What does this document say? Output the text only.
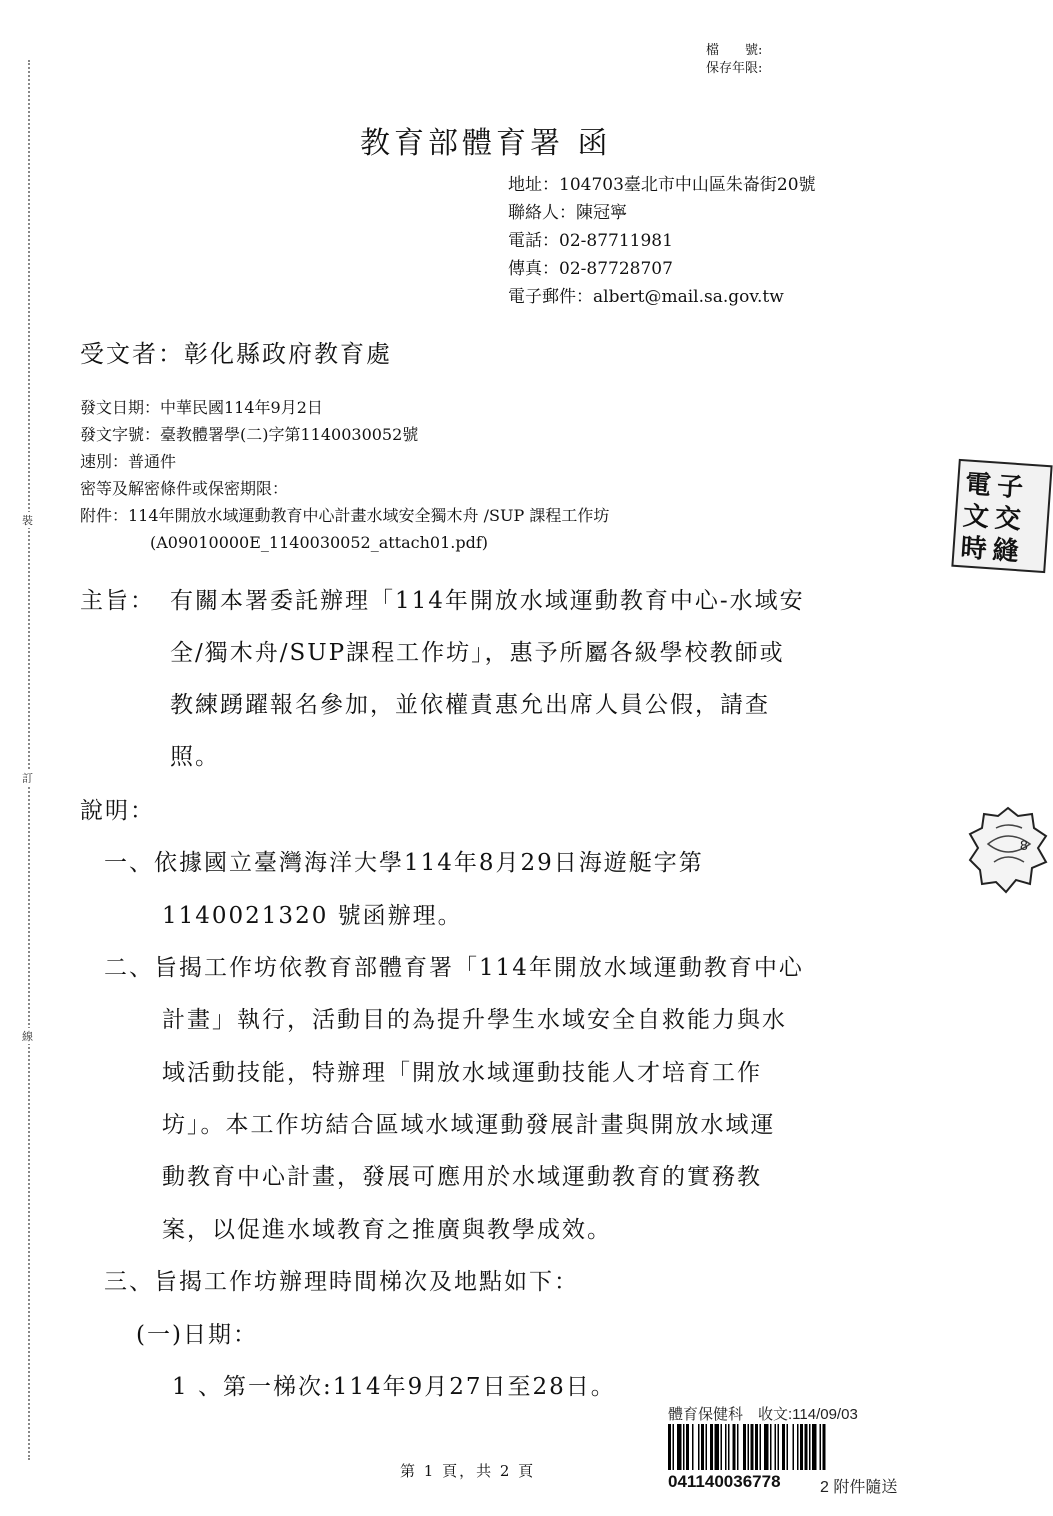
裝
訂
線
檔　　號:
保存年限:
教育部體育署 函
地址：104703臺北市中山區朱崙街20號
聯絡人：陳冠寧
電話：02-87711981
傳真：02-87728707
電子郵件：albert@mail.sa.gov.tw
受文者：彰化縣政府教育處
發文日期：中華民國114年9月2日
發文字號：臺教體署學(二)字第1140030052號
速別：普通件
密等及解密條件或保密期限：
附件：114年開放水域運動教育中心計畫水域安全獨木舟 /SUP 課程工作坊
(A09010000E_1140030052_attach01.pdf)
主旨： 有關本署委託辦理「114年開放水域運動教育中心-水域安
全/獨木舟/SUP課程工作坊」，惠予所屬各級學校教師或
教練踴躍報名參加，並依權責惠允出席人員公假，請查
照。
說明：
一、依據國立臺灣海洋大學114年8月29日海遊艇字第
1140021320 號函辦理。
二、旨揭工作坊依教育部體育署「114年開放水域運動教育中心
計畫」執行，活動目的為提升學生水域安全自救能力與水
域活動技能，特辦理「開放水域運動技能人才培育工作
坊」。本工作坊結合區域水域運動發展計畫與開放水域運
動教育中心計畫，發展可應用於水域運動教育的實務教
案，以促進水域教育之推廣與教學成效。
三、旨揭工作坊辦理時間梯次及地點如下：
(一)日期：
1 、第一梯次:114年9月27日至28日。
電
文
時
子
交
縫
8
第 1 頁，共 2 頁
體育保健科　收文:114/09/03
041140036778 2 附件隨送
